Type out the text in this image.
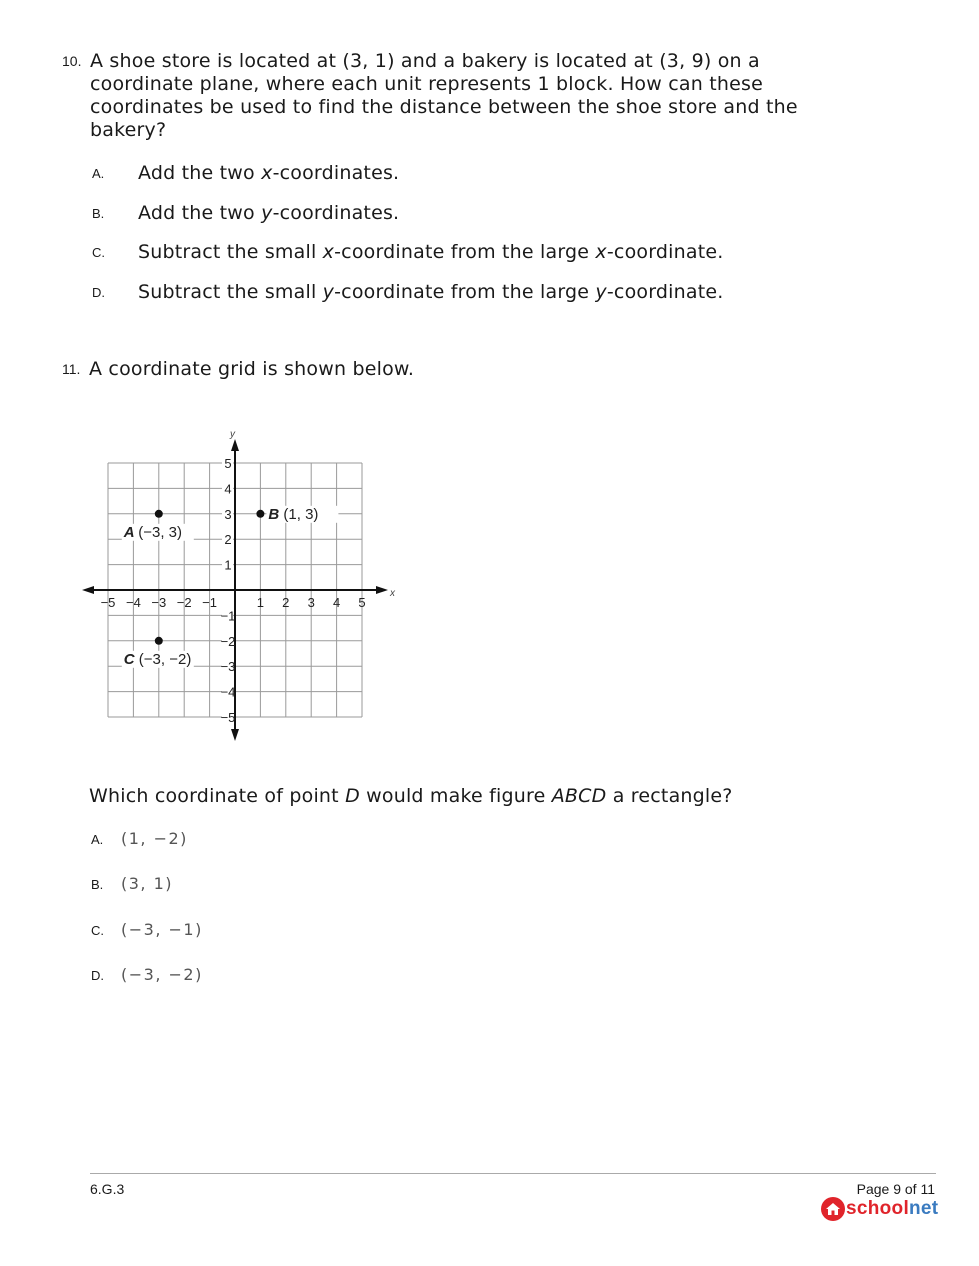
10. A shoe store is located at (3, 1) and a bakery is located at (3, 9) on a
coordinate plane, where each unit represents 1 block. How can these
coordinates be used to find the distance between the shoe store and the
bakery?
A. Add the two x-coordinates.
B. Add the two y-coordinates.
C. Subtract the small x-coordinate from the large x-coordinate.
D. Subtract the small y-coordinate from the large y-coordinate.
11. A coordinate grid is shown below.
x
y
−5 −4 −3 −2 −1	1 2 3 4 5
5
4
3
2
1
−1
−2
−3
−4
−5
A (−3, 3)
B (1, 3)
C (−3, −2)
Which coordinate of point D would make figure ABCD a rectangle?
A. (1, −2)
B. (3, 1)
C. (−3, −1)
D. (−3, −2)
6.G.3	Page 9 of 11
schoolnet
